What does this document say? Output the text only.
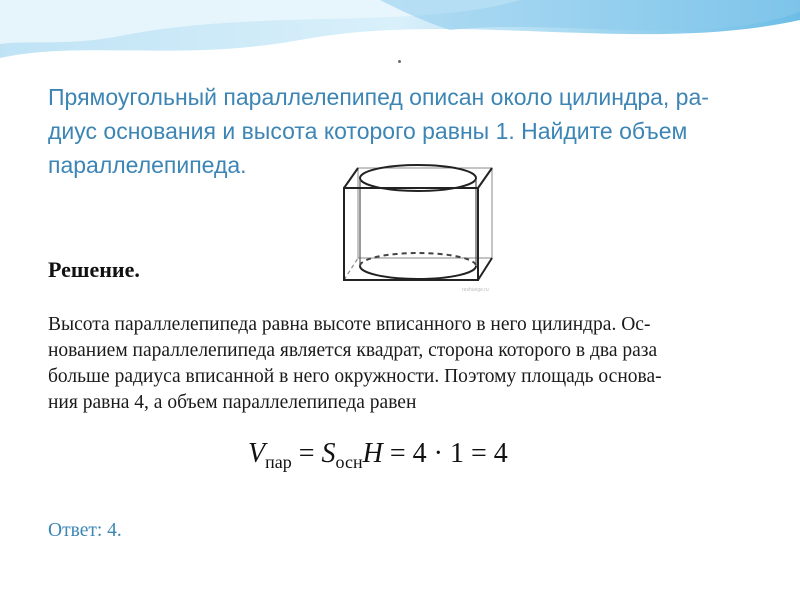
Прямоугольный параллелепипед описан около цилиндра, ра-
диус основания и высота которого равны 1. Найдите объем
параллелепипеда.
reshuege.ru
Решение.
Высота параллелепипеда равна высоте вписанного в него цилиндра. Ос-
нованием параллелепипеда является квадрат, сторона которого в два раза
больше радиуса вписанной в него окружности. Поэтому площадь основа-
ния равна 4, а объем параллелепипеда равен
$V_{пар} = S_{осн}H = 4 \cdot 1 = 4$

Ответ: 4.
